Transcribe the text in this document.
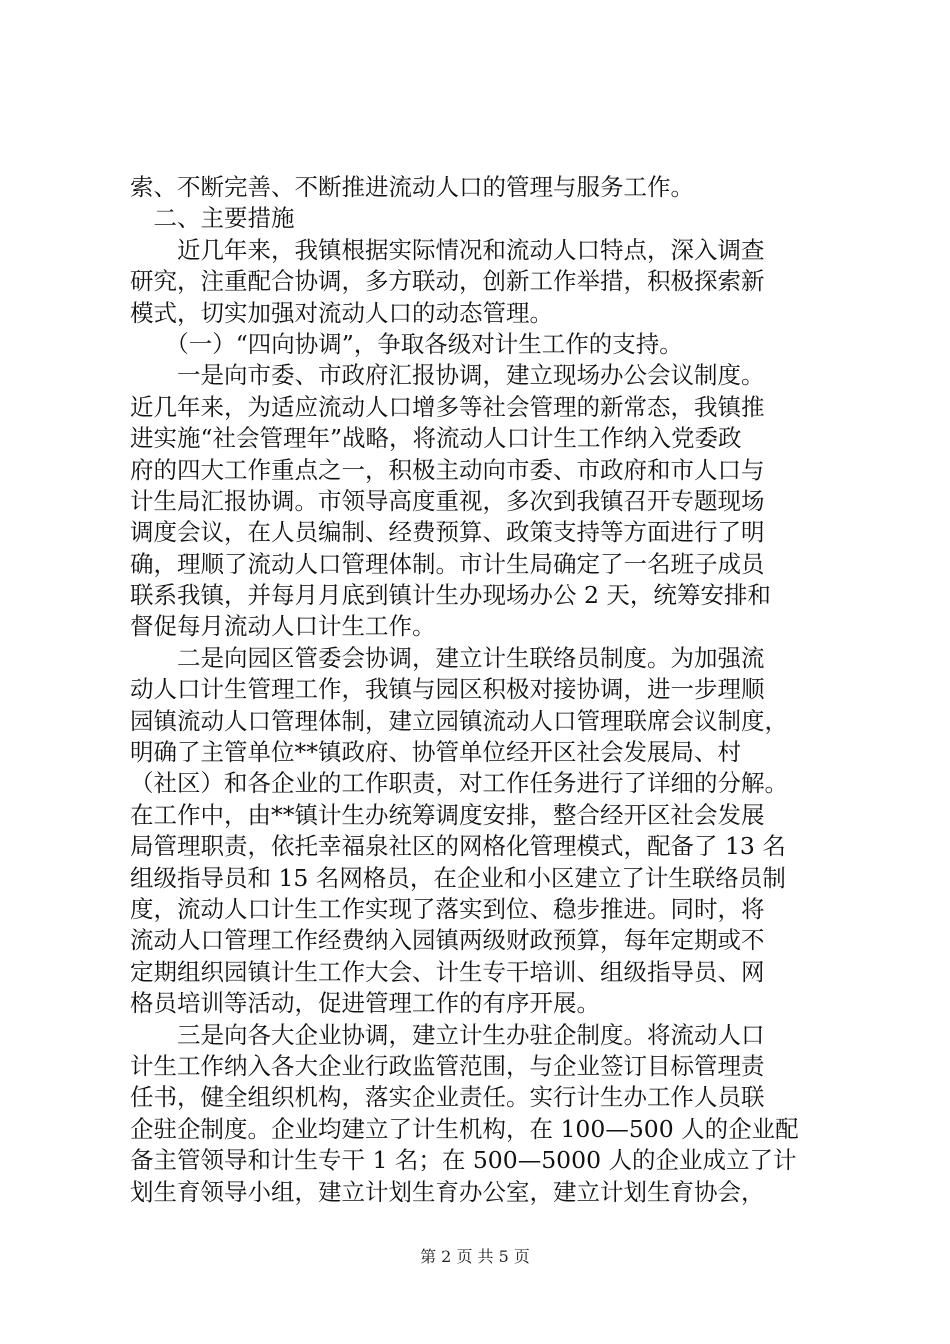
索、不断完善、不断推进流动人口的管理与服务工作。
　二、主要措施
　　近几年来，我镇根据实际情况和流动人口特点，深入调查
研究，注重配合协调，多方联动，创新工作举措，积极探索新
模式，切实加强对流动人口的动态管理。
　　（一）“四向协调”，争取各级对计生工作的支持。
　　一是向市委、市政府汇报协调，建立现场办公会议制度。
近几年来，为适应流动人口增多等社会管理的新常态，我镇推
进实施“社会管理年”战略，将流动人口计生工作纳入党委政
府的四大工作重点之一，积极主动向市委、市政府和市人口与
计生局汇报协调。市领导高度重视，多次到我镇召开专题现场
调度会议，在人员编制、经费预算、政策支持等方面进行了明
确，理顺了流动人口管理体制。市计生局确定了一名班子成员
联系我镇，并每月月底到镇计生办现场办公 2 天，统筹安排和
督促每月流动人口计生工作。
　　二是向园区管委会协调，建立计生联络员制度。为加强流
动人口计生管理工作，我镇与园区积极对接协调，进一步理顺
园镇流动人口管理体制，建立园镇流动人口管理联席会议制度，
明确了主管单位**镇政府、协管单位经开区社会发展局、村
（社区）和各企业的工作职责，对工作任务进行了详细的分解。
在工作中，由**镇计生办统筹调度安排，整合经开区社会发展
局管理职责，依托幸福泉社区的网格化管理模式，配备了 13 名
组级指导员和 15 名网格员，在企业和小区建立了计生联络员制
度，流动人口计生工作实现了落实到位、稳步推进。同时，将
流动人口管理工作经费纳入园镇两级财政预算，每年定期或不
定期组织园镇计生工作大会、计生专干培训、组级指导员、网
格员培训等活动，促进管理工作的有序开展。
　　三是向各大企业协调，建立计生办驻企制度。将流动人口
计生工作纳入各大企业行政监管范围，与企业签订目标管理责
任书，健全组织机构，落实企业责任。实行计生办工作人员联
企驻企制度。企业均建立了计生机构，在 100—500 人的企业配
备主管领导和计生专干 1 名；在 500—5000 人的企业成立了计
划生育领导小组，建立计划生育办公室，建立计划生育协会，
第 2 页 共 5 页
